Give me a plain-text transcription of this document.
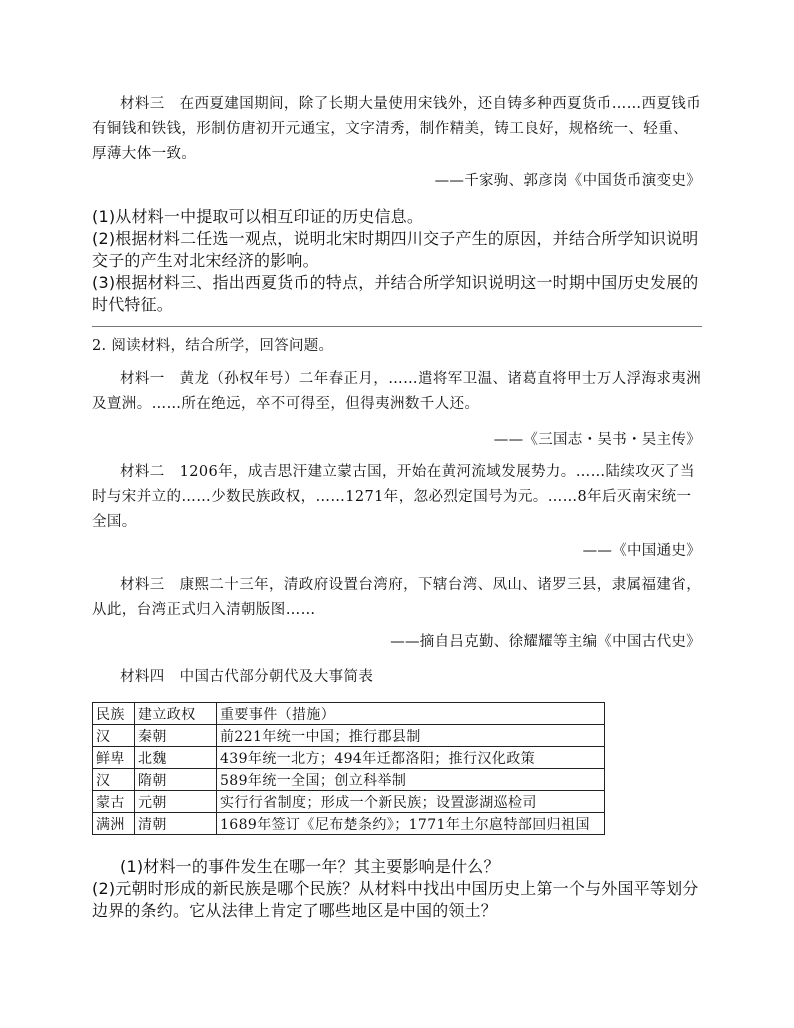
材料三　在西夏建国期间，除了长期大量使用宋钱外，还自铸多种西夏货币……西夏钱币有铜钱和铁钱，形制仿唐初开元通宝，文字清秀，制作精美，铸工良好，规格统一、轻重、厚薄大体一致。
——千家驹、郭彦岗《中国货币演变史》
(1)从材料一中提取可以相互印证的历史信息。
(2)根据材料二任选一观点，说明北宋时期四川交子产生的原因，并结合所学知识说明交子的产生对北宋经济的影响。
(3)根据材料三、指出西夏货币的特点，并结合所学知识说明这一时期中国历史发展的时代特征。
2. 阅读材料，结合所学，回答问题。
材料一　黄龙（孙权年号）二年春正月，……遣将军卫温、诸葛直将甲士万人浮海求夷洲及亶洲。……所在绝远，卒不可得至，但得夷洲数千人还。
——《三国志・吴书・吴主传》
材料二　1206年，成吉思汗建立蒙古国，开始在黄河流域发展势力。……陆续攻灭了当时与宋并立的……少数民族政权，……1271年，忽必烈定国号为元。……8年后灭南宋统一全国。
——《中国通史》
材料三　康熙二十三年，清政府设置台湾府，下辖台湾、凤山、诸罗三县，隶属福建省，从此，台湾正式归入清朝版图……
——摘自吕克勤、徐耀耀等主编《中国古代史》
材料四　中国古代部分朝代及大事简表
民族	建立政权	重要事件（措施）
汉	秦朝	前221年统一中国；推行郡县制
鲜卑	北魏	439年统一北方；494年迁都洛阳；推行汉化政策
汉	隋朝	589年统一全国；创立科举制
蒙古	元朝	实行行省制度；形成一个新民族；设置澎湖巡检司
满洲	清朝	1689年签订《尼布楚条约》；1771年土尔扈特部回归祖国
(1)材料一的事件发生在哪一年？其主要影响是什么？
(2)元朝时形成的新民族是哪个民族？从材料中找出中国历史上第一个与外国平等划分边界的条约。它从法律上肯定了哪些地区是中国的领土？
